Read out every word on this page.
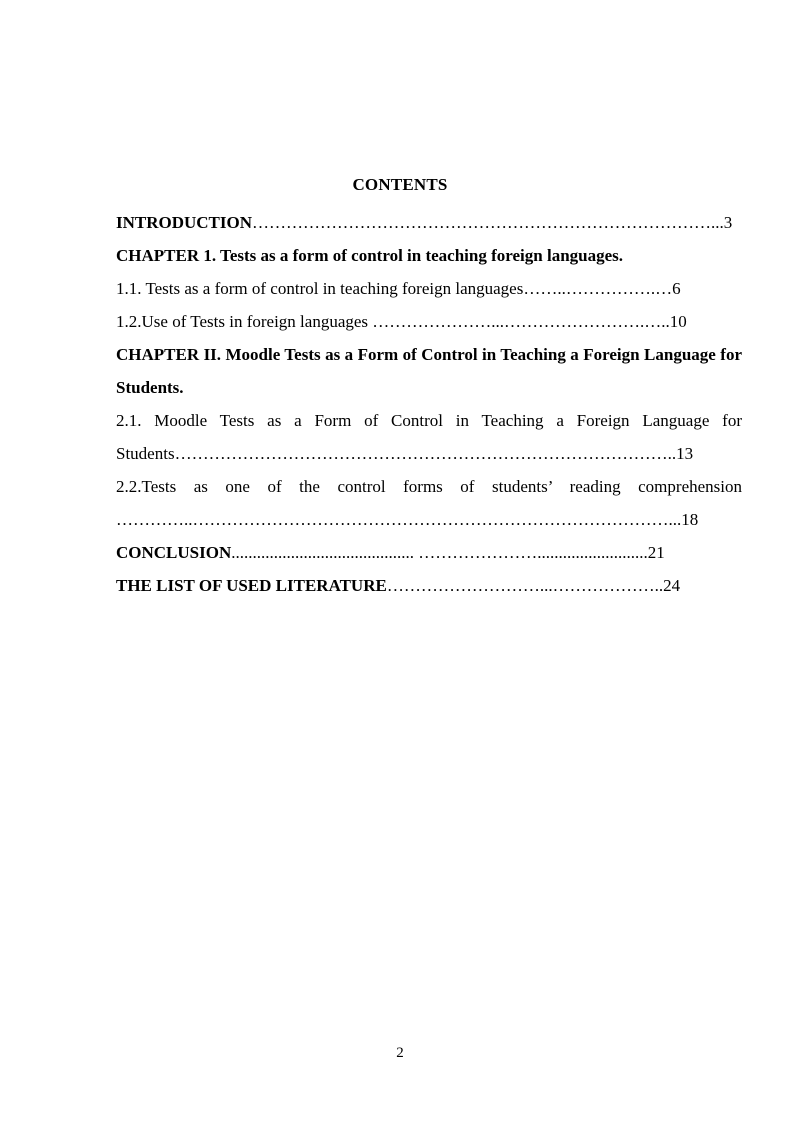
CONTENTS
INTRODUCTION………………………………………………………………………...3
CHAPTER 1. Tests as a form of control in teaching foreign languages.
1.1. Tests as a form of control in teaching foreign languages……..…………….…6
1.2.Use of Tests in foreign languages …………………...…………………….…..10
CHAPTER II. Moodle Tests as a Form of Control in Teaching a Foreign Language for Students.
2.1. Moodle Tests as a Form of Control in Teaching a Foreign Language for
Students……………………………………………………………………………..13
2.2.Tests as one of the control forms of students’ reading comprehension
…………..…………………………………………………………………………...18
CONCLUSION........................................... …………………..........................21
THE LIST OF USED LITERATURE………………………...………………..24
2
